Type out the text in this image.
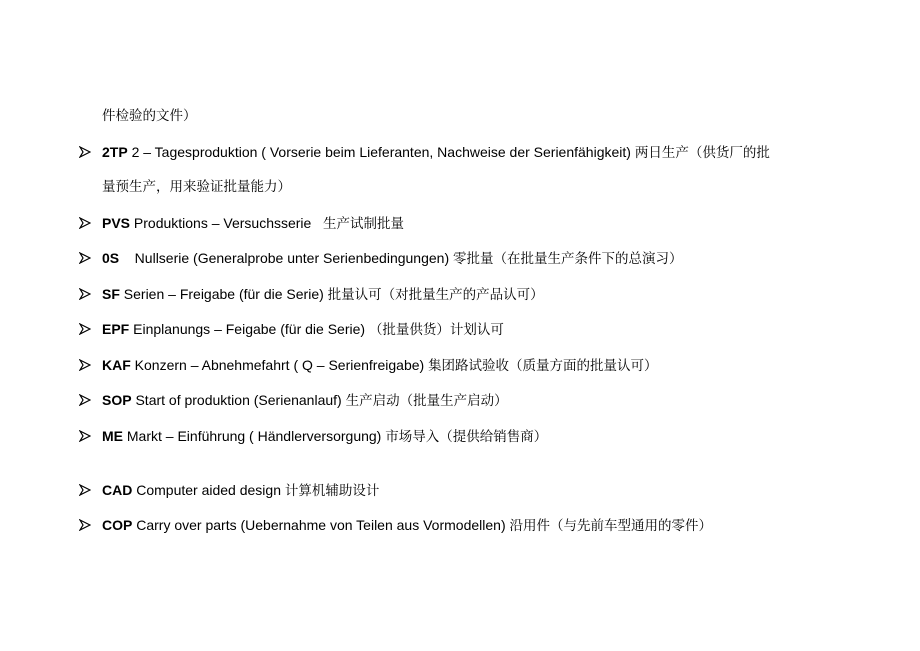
件检验的文件）
2TP 2 – Tagesproduktion ( Vorserie beim Lieferanten, Nachweise der Serienfähigkeit) 两日生产（供货厂的批
量预生产，用来验证批量能力）
PVS Produktions – Versuchsserie   生产试制批量
0S    Nullserie (Generalprobe unter Serienbedingungen) 零批量（在批量生产条件下的总演习）
SF Serien – Freigabe (für die Serie) 批量认可（对批量生产的产品认可）
EPF Einplanungs – Feigabe (für die Serie) （批量供货）计划认可
KAF Konzern – Abnehmefahrt ( Q – Serienfreigabe) 集团路试验收（质量方面的批量认可）
SOP Start of produktion (Serienanlauf) 生产启动（批量生产启动）
ME Markt – Einführung ( Händlerversorgung) 市场导入（提供给销售商）
CAD Computer aided design 计算机辅助设计
COP Carry over parts (Uebernahme von Teilen aus Vormodellen) 沿用件（与先前车型通用的零件）
